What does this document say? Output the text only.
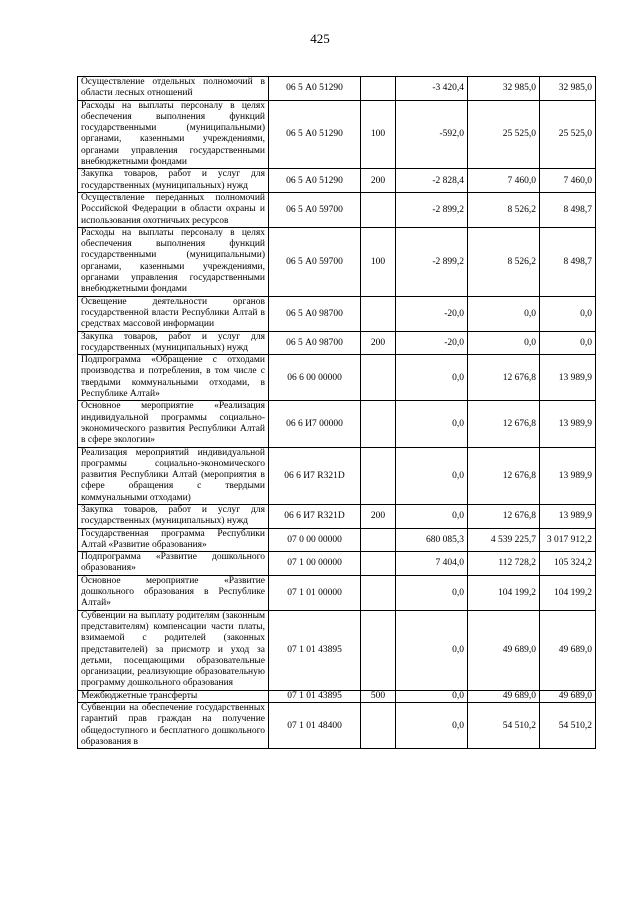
425
Осуществление отдельных полномочий в области лесных отношений	06 5 А0 51290		-3 420,4	32 985,0	32 985,0
Расходы на выплаты персоналу в целях обеспечения выполнения функций государственными (муниципальными) органами, казенными учреждениями, органами управления государственными внебюджетными фондами	06 5 А0 51290	100	-592,0	25 525,0	25 525,0
Закупка товаров, работ и услуг для государственных (муниципальных) нужд	06 5 А0 51290	200	-2 828,4	7 460,0	7 460,0
Осуществление переданных полномочий Российской Федерации в области охраны и использования охотничьих ресурсов	06 5 А0 59700		-2 899,2	8 526,2	8 498,7
Расходы на выплаты персоналу в целях обеспечения выполнения функций государственными (муниципальными) органами, казенными учреждениями, органами управления государственными внебюджетными фондами	06 5 А0 59700	100	-2 899,2	8 526,2	8 498,7
Освещение деятельности органов государственной власти Республики Алтай в средствах массовой информации	06 5 А0 98700		-20,0	0,0	0,0
Закупка товаров, работ и услуг для государственных (муниципальных) нужд	06 5 А0 98700	200	-20,0	0,0	0,0
Подпрограмма «Обращение с отходами производства и потребления, в том числе с твердыми коммунальными отходами, в Республике Алтай»	06 6 00 00000		0,0	12 676,8	13 989,9
Основное мероприятие «Реализация индивидуальной программы социально-экономического развития Республики Алтай в сфере экологии»	06 6 И7 00000		0,0	12 676,8	13 989,9
Реализация мероприятий индивидуальной программы социально-экономического развития Республики Алтай (мероприятия в сфере обращения с твердыми коммунальными отходами)	06 6 И7 R321D		0,0	12 676,8	13 989,9
Закупка товаров, работ и услуг для государственных (муниципальных) нужд	06 6 И7 R321D	200	0,0	12 676,8	13 989,9
Государственная программа Республики Алтай «Развитие образования»	07 0 00 00000		680 085,3	4 539 225,7	3 017 912,2
Подпрограмма «Развитие дошкольного образования»	07 1 00 00000		7 404,0	112 728,2	105 324,2
Основное мероприятие «Развитие дошкольного образования в Республике Алтай»	07 1 01 00000		0,0	104 199,2	104 199,2
Субвенции на выплату родителям (законным представителям) компенсации части платы, взимаемой с родителей (законных представителей) за присмотр и уход за детьми, посещающими образовательные организации, реализующие образовательную программу дошкольного образования	07 1 01 43895		0,0	49 689,0	49 689,0
Межбюджетные трансферты	07 1 01 43895	500	0,0	49 689,0	49 689,0
Субвенции на обеспечение государственных гарантий прав граждан на получение общедоступного и бесплатного дошкольного образования в	07 1 01 48400		0,0	54 510,2	54 510,2
